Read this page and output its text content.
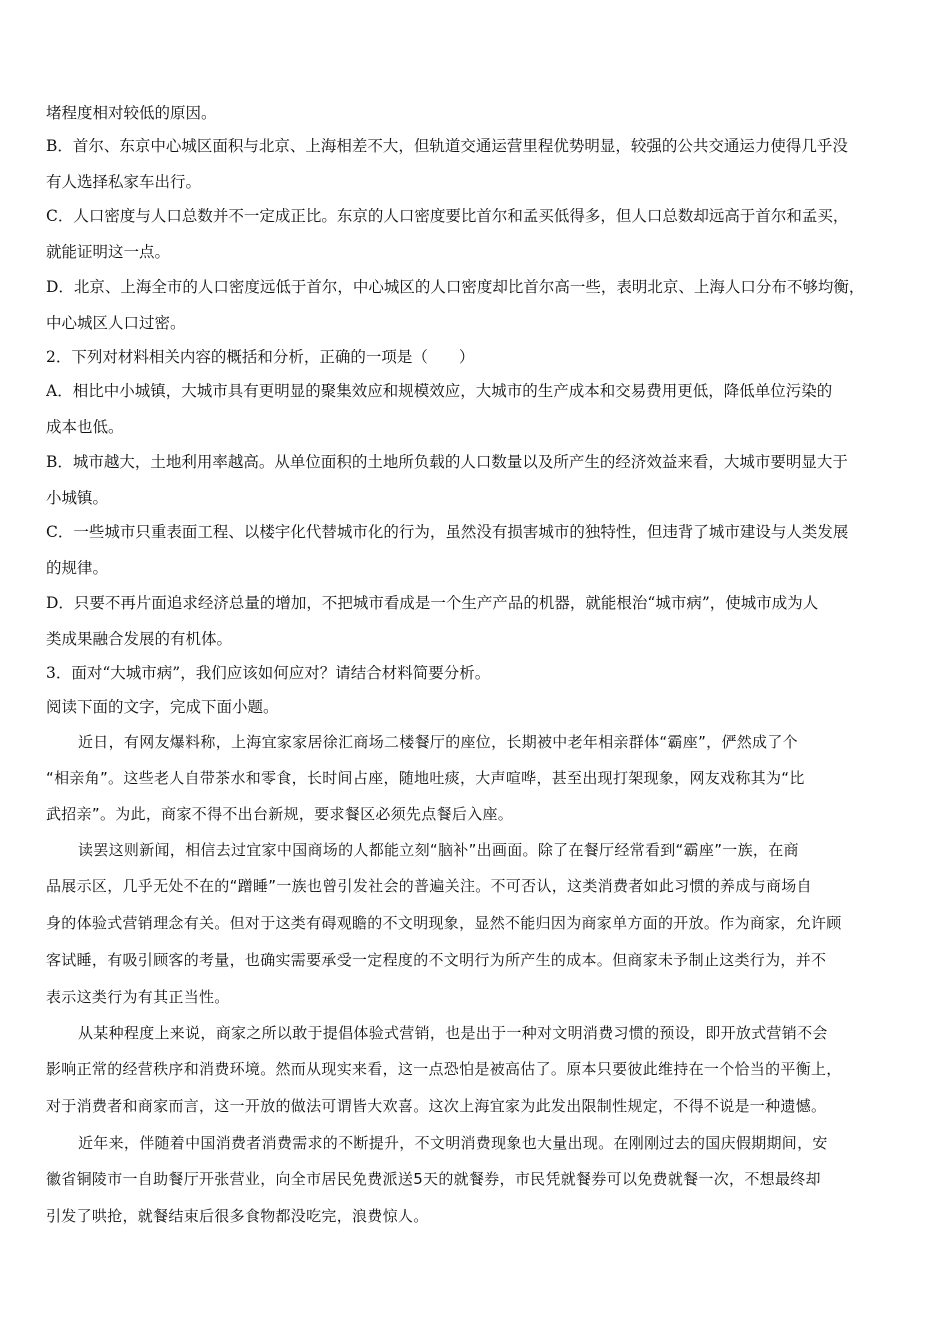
堵程度相对较低的原因。
B．首尔、东京中心城区面积与北京、上海相差不大，但轨道交通运营里程优势明显，较强的公共交通运力使得几乎没
有人选择私家车出行。
C．人口密度与人口总数并不一定成正比。东京的人口密度要比首尔和孟买低得多，但人口总数却远高于首尔和孟买，
就能证明这一点。
D．北京、上海全市的人口密度远低于首尔，中心城区的人口密度却比首尔高一些，表明北京、上海人口分布不够均衡，
中心城区人口过密。
2．下列对材料相关内容的概括和分析，正确的一项是（　　）
A．相比中小城镇，大城市具有更明显的聚集效应和规模效应，大城市的生产成本和交易费用更低，降低单位污染的
成本也低。
B．城市越大，土地利用率越高。从单位面积的土地所负载的人口数量以及所产生的经济效益来看，大城市要明显大于
小城镇。
C．一些城市只重表面工程、以楼宇化代替城市化的行为，虽然没有损害城市的独特性，但违背了城市建设与人类发展
的规律。
D．只要不再片面追求经济总量的增加，不把城市看成是一个生产产品的机器，就能根治“城市病”，使城市成为人
类成果融合发展的有机体。
3．面对“大城市病”，我们应该如何应对？请结合材料简要分析。
阅读下面的文字，完成下面小题。
近日，有网友爆料称，上海宜家家居徐汇商场二楼餐厅的座位，长期被中老年相亲群体“霸座”，俨然成了个
“相亲角”。这些老人自带茶水和零食，长时间占座，随地吐痰，大声喧哗，甚至出现打架现象，网友戏称其为“比
武招亲”。为此，商家不得不出台新规，要求餐区必须先点餐后入座。
读罢这则新闻，相信去过宜家中国商场的人都能立刻“脑补”出画面。除了在餐厅经常看到“霸座”一族，在商
品展示区，几乎无处不在的“蹭睡”一族也曾引发社会的普遍关注。不可否认，这类消费者如此习惯的养成与商场自
身的体验式营销理念有关。但对于这类有碍观瞻的不文明现象，显然不能归因为商家单方面的开放。作为商家，允许顾
客试睡，有吸引顾客的考量，也确实需要承受一定程度的不文明行为所产生的成本。但商家未予制止这类行为，并不
表示这类行为有其正当性。
从某种程度上来说，商家之所以敢于提倡体验式营销，也是出于一种对文明消费习惯的预设，即开放式营销不会
影响正常的经营秩序和消费环境。然而从现实来看，这一点恐怕是被高估了。原本只要彼此维持在一个恰当的平衡上，
对于消费者和商家而言，这一开放的做法可谓皆大欢喜。这次上海宜家为此发出限制性规定，不得不说是一种遗憾。
近年来，伴随着中国消费者消费需求的不断提升，不文明消费现象也大量出现。在刚刚过去的国庆假期期间，安
徽省铜陵市一自助餐厅开张营业，向全市居民免费派送5天的就餐券，市民凭就餐券可以免费就餐一次，不想最终却
引发了哄抢，就餐结束后很多食物都没吃完，浪费惊人。
